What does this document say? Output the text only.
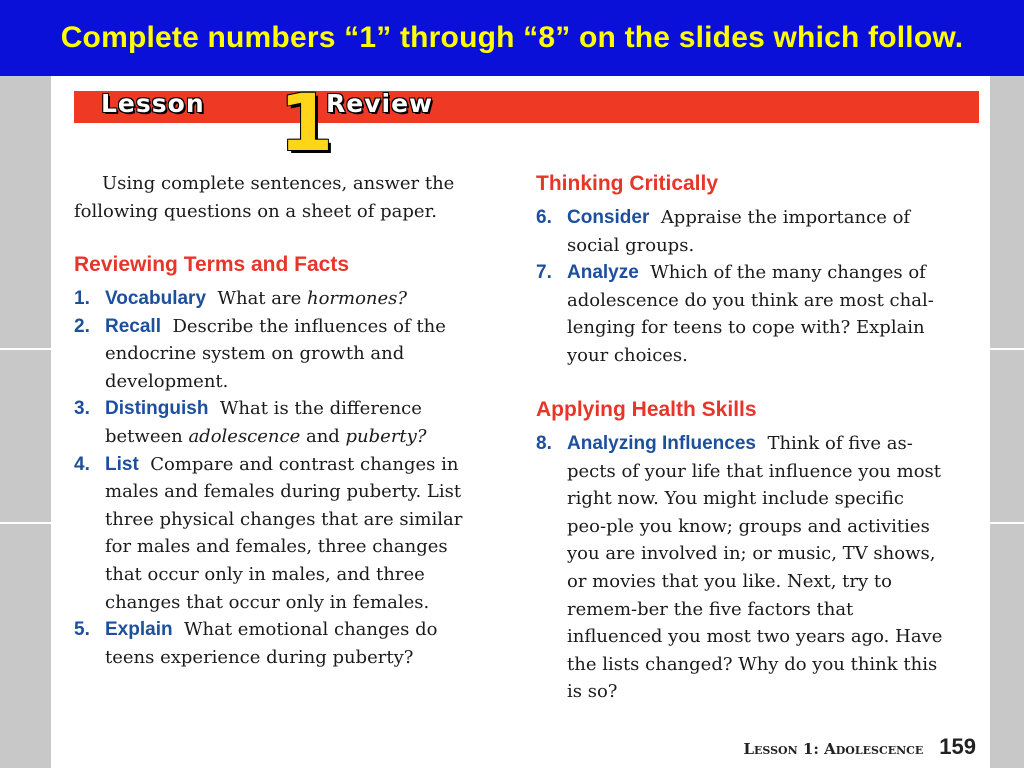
Complete numbers “1” through “8” on the slides which follow.
Lesson 1
Review
Using complete sentences, answer the following questions on a sheet of paper.
Reviewing Terms and Facts
1. Vocabulary What are hormones?
2. Recall Describe the influences of the endocrine system on growth and development.
3. Distinguish What is the difference between adolescence and puberty?
4. List Compare and contrast changes in males and females during puberty. List three physical changes that are similar for males and females, three changes that occur only in males, and three changes that occur only in females.
5. Explain What emotional changes do teens experience during puberty?
Thinking Critically
6. Consider Appraise the importance of social groups.
7. Analyze Which of the many changes of adolescence do you think are most chal-lenging for teens to cope with? Explain your choices.
Applying Health Skills
8. Analyzing Influences Think of five as-pects of your life that influence you most right now. You might include specific peo-ple you know; groups and activities you are involved in; or music, TV shows, or movies that you like. Next, try to remem-ber the five factors that influenced you most two years ago. Have the lists changed? Why do you think this is so?
Lesson 1: Adolescence 159
